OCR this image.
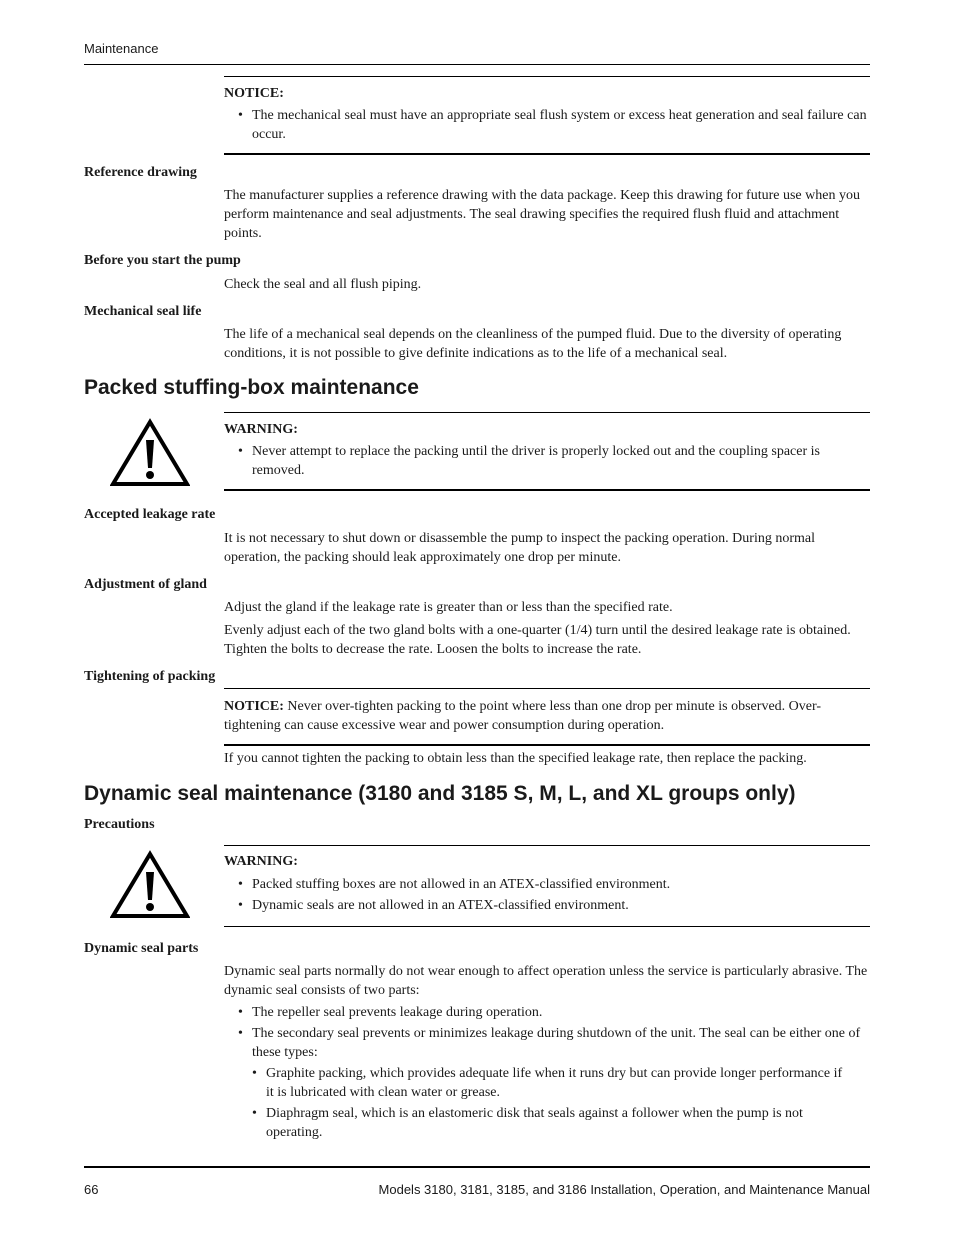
Maintenance
NOTICE:
• The mechanical seal must have an appropriate seal flush system or excess heat generation and seal failure can occur.
Reference drawing
The manufacturer supplies a reference drawing with the data package. Keep this drawing for future use when you perform maintenance and seal adjustments. The seal drawing specifies the required flush fluid and attachment points.
Before you start the pump
Check the seal and all flush piping.
Mechanical seal life
The life of a mechanical seal depends on the cleanliness of the pumped fluid. Due to the diversity of operating conditions, it is not possible to give definite indications as to the life of a mechanical seal.
Packed stuffing-box maintenance
WARNING:
• Never attempt to replace the packing until the driver is properly locked out and the coupling spacer is removed.
Accepted leakage rate
It is not necessary to shut down or disassemble the pump to inspect the packing operation. During normal operation, the packing should leak approximately one drop per minute.
Adjustment of gland
Adjust the gland if the leakage rate is greater than or less than the specified rate.
Evenly adjust each of the two gland bolts with a one-quarter (1/4) turn until the desired leakage rate is obtained. Tighten the bolts to decrease the rate. Loosen the bolts to increase the rate.
Tightening of packing
NOTICE: Never over-tighten packing to the point where less than one drop per minute is observed. Over-tightening can cause excessive wear and power consumption during operation.
If you cannot tighten the packing to obtain less than the specified leakage rate, then replace the packing.
Dynamic seal maintenance (3180 and 3185 S, M, L, and XL groups only)
Precautions
WARNING:
• Packed stuffing boxes are not allowed in an ATEX-classified environment.
• Dynamic seals are not allowed in an ATEX-classified environment.
Dynamic seal parts
Dynamic seal parts normally do not wear enough to affect operation unless the service is particularly abrasive. The dynamic seal consists of two parts:
• The repeller seal prevents leakage during operation.
• The secondary seal prevents or minimizes leakage during shutdown of the unit. The seal can be either one of these types:
• Graphite packing, which provides adequate life when it runs dry but can provide longer performance if it is lubricated with clean water or grease.
• Diaphragm seal, which is an elastomeric disk that seals against a follower when the pump is not operating.
66	Models 3180, 3181, 3185, and 3186 Installation, Operation, and Maintenance Manual
